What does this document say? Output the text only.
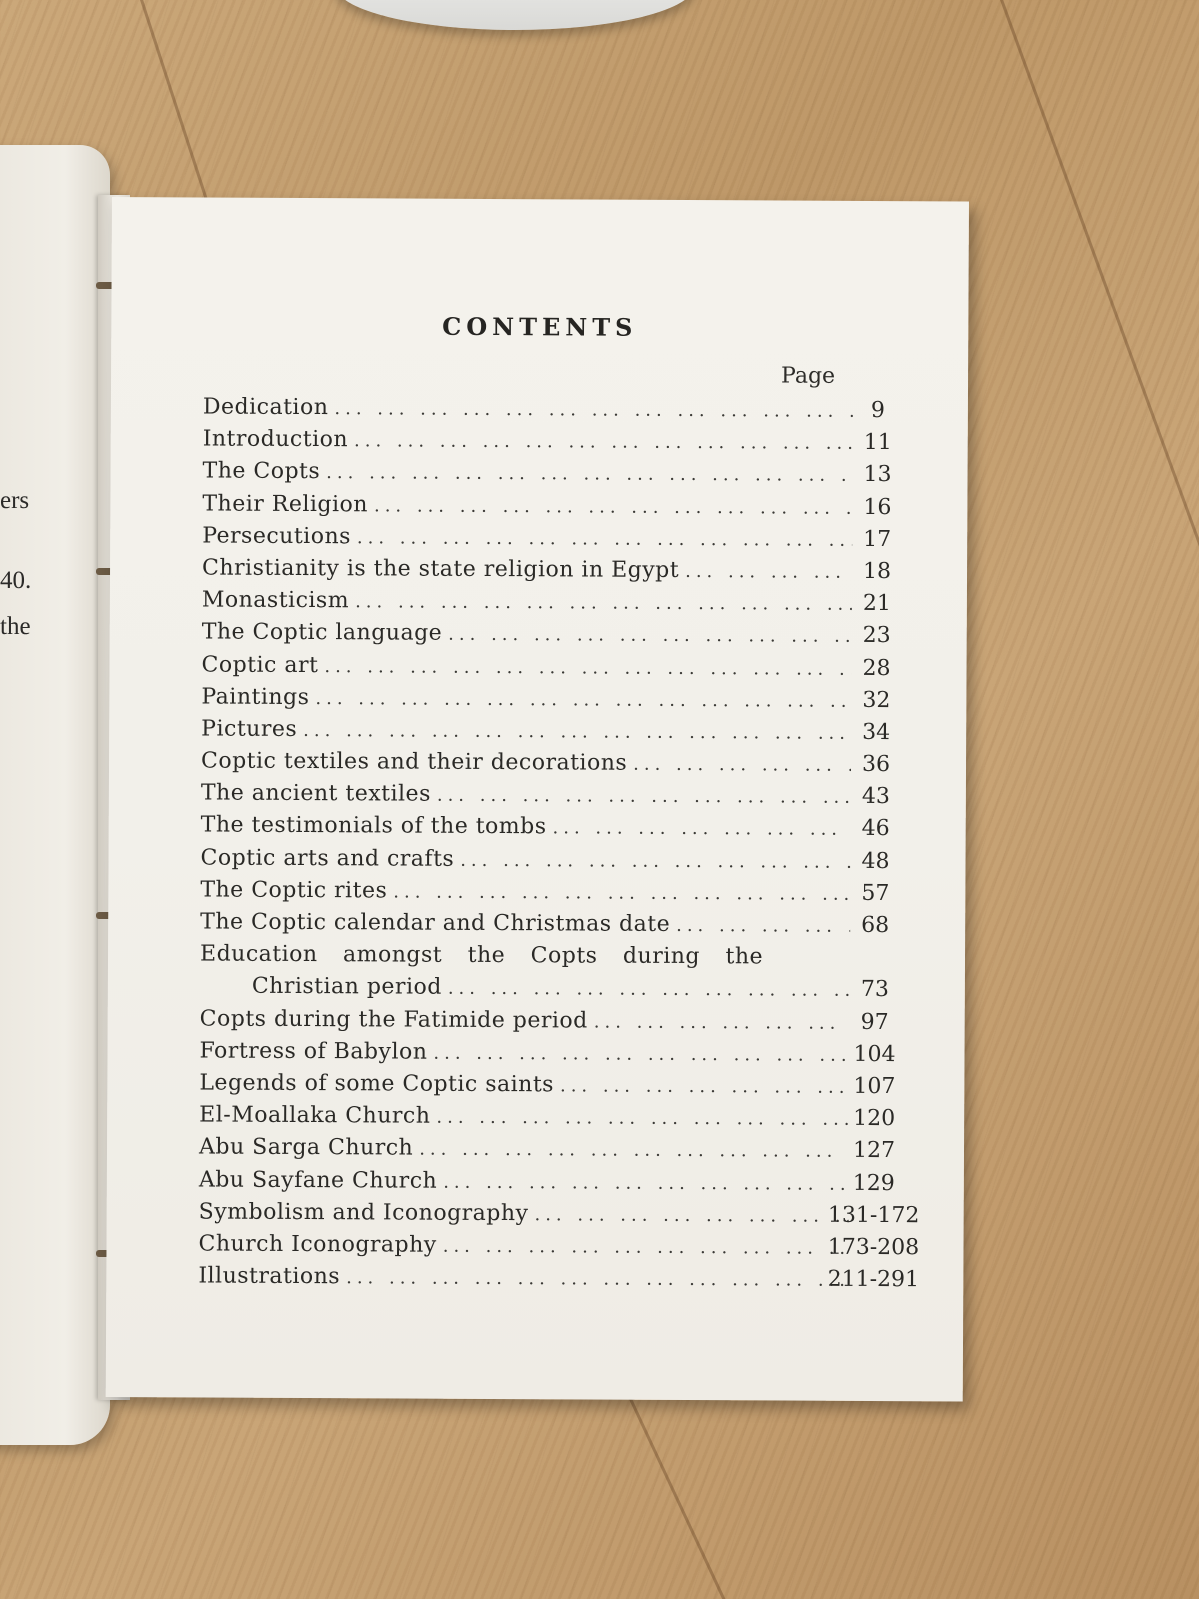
ers
40.
the
CONTENTS
Page
Dedication ... .	9
Introduction ... .	11
The Copts ... .	13
Their Religion ... .	16
Persecutions ... .	17
Christianity is the state religion in Egypt ... .	18
Monasticism ... .	21
The Coptic language ... .	23
Coptic art ... .	28
Paintings ... .	32
Pictures ... .	34
Coptic textiles and their decorations ... .	36
The ancient textiles ... .	43
The testimonials of the tombs ... .	46
Coptic arts and crafts ... .	48
The Coptic rites ... .	57
The Coptic calendar and Christmas date ... .	68
Education amongst the Copts during the
Christian period ... .	73
Copts during the Fatimide period ... .	97
Fortress of Babylon ... .	104
Legends of some Coptic saints ... .	107
El-Moallaka Church ... .	120
Abu Sarga Church ... .	127
Abu Sayfane Church ... .	129
Symbolism and Iconography ... .	131-172
Church Iconography ... .	173-208
Illustrations ... .	211-291
